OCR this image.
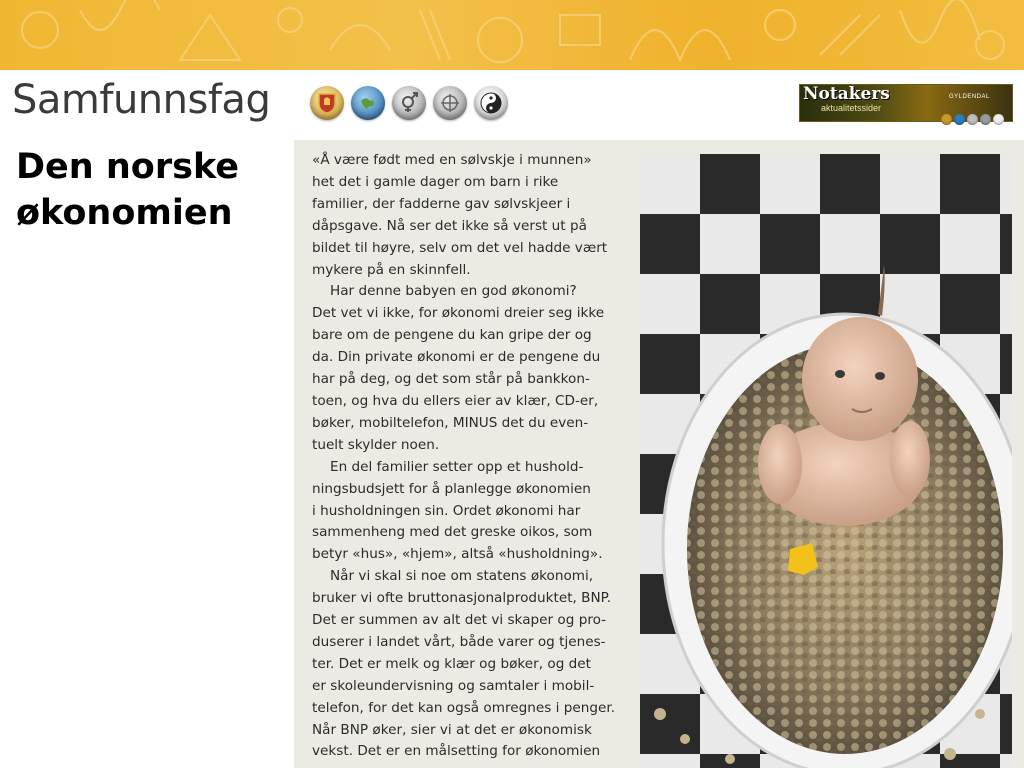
Samfunnsfag	Notakers
aktualitetssider
GYLDENDAL
Den norske
økonomien
«Å være født med en sølvskje i munnen»
het det i gamle dager om barn i rike
familier, der fadderne gav sølvskjeer i
dåpsgave. Nå ser det ikke så verst ut på
bildet til høyre, selv om det vel hadde vært
mykere på en skinnfell.
Har denne babyen en god økonomi?
Det vet vi ikke, for økonomi dreier seg ikke
bare om de pengene du kan gripe der og
da. Din private økonomi er de pengene du
har på deg, og det som står på bankkon-
toen, og hva du ellers eier av klær, CD-er,
bøker, mobiltelefon, MINUS det du even-
tuelt skylder noen.
En del familier setter opp et hushold-
ningsbudsjett for å planlegge økonomien
i husholdningen sin. Ordet økonomi har
sammenheng med det greske oikos, som
betyr «hus», «hjem», altså «husholdning».
Når vi skal si noe om statens økonomi,
bruker vi ofte bruttonasjonalproduktet, BNP.
Det er summen av alt det vi skaper og pro-
duserer i landet vårt, både varer og tjenes-
ter. Det er melk og klær og bøker, og det
er skoleundervisning og samtaler i mobil-
telefon, for det kan også omregnes i penger.
Når BNP øker, sier vi at det er økonomisk
vekst. Det er en målsetting for økonomien
